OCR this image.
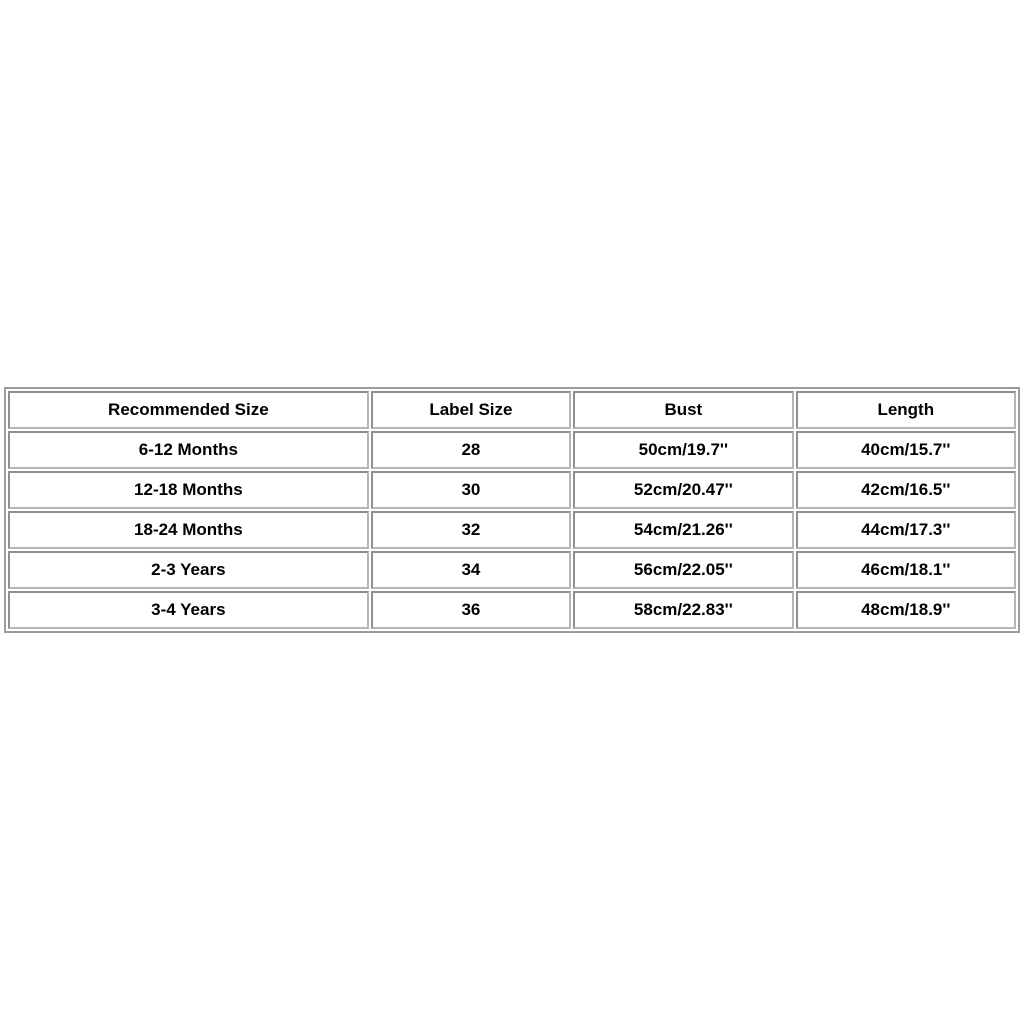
Recommended Size	Label Size	Bust	Length
6-12 Months	28	50cm/19.7''	40cm/15.7''
12-18 Months	30	52cm/20.47''	42cm/16.5''
18-24 Months	32	54cm/21.26''	44cm/17.3''
2-3 Years	34	56cm/22.05''	46cm/18.1''
3-4 Years	36	58cm/22.83''	48cm/18.9''
